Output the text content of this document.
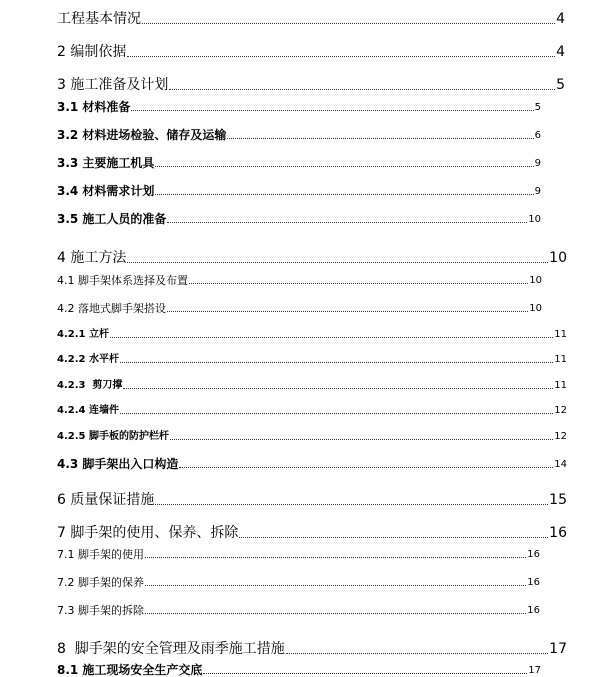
工程基本情况	4
2 编制依据	4
3 施工准备及计划	5
3.1 材料准备	5
3.2 材料进场检验、储存及运输	6
3.3 主要施工机具	9
3.4 材料需求计划	9
3.5 施工人员的准备	10
4 施工方法	10
4.1 脚手架体系选择及布置	10
4.2 落地式脚手架搭设	10
4.2.1 立杆	11
4.2.2 水平杆	11
4.2.3  剪刀撑	11
4.2.4 连墙件	12
4.2.5 脚手板的防护栏杆	12
4.3 脚手架出入口构造	14
6 质量保证措施	15
7 脚手架的使用、保养、拆除	16
7.1 脚手架的使用	16
7.2 脚手架的保养	16
7.3 脚手架的拆除	16
8  脚手架的安全管理及雨季施工措施	17
8.1 施工现场安全生产交底	17
